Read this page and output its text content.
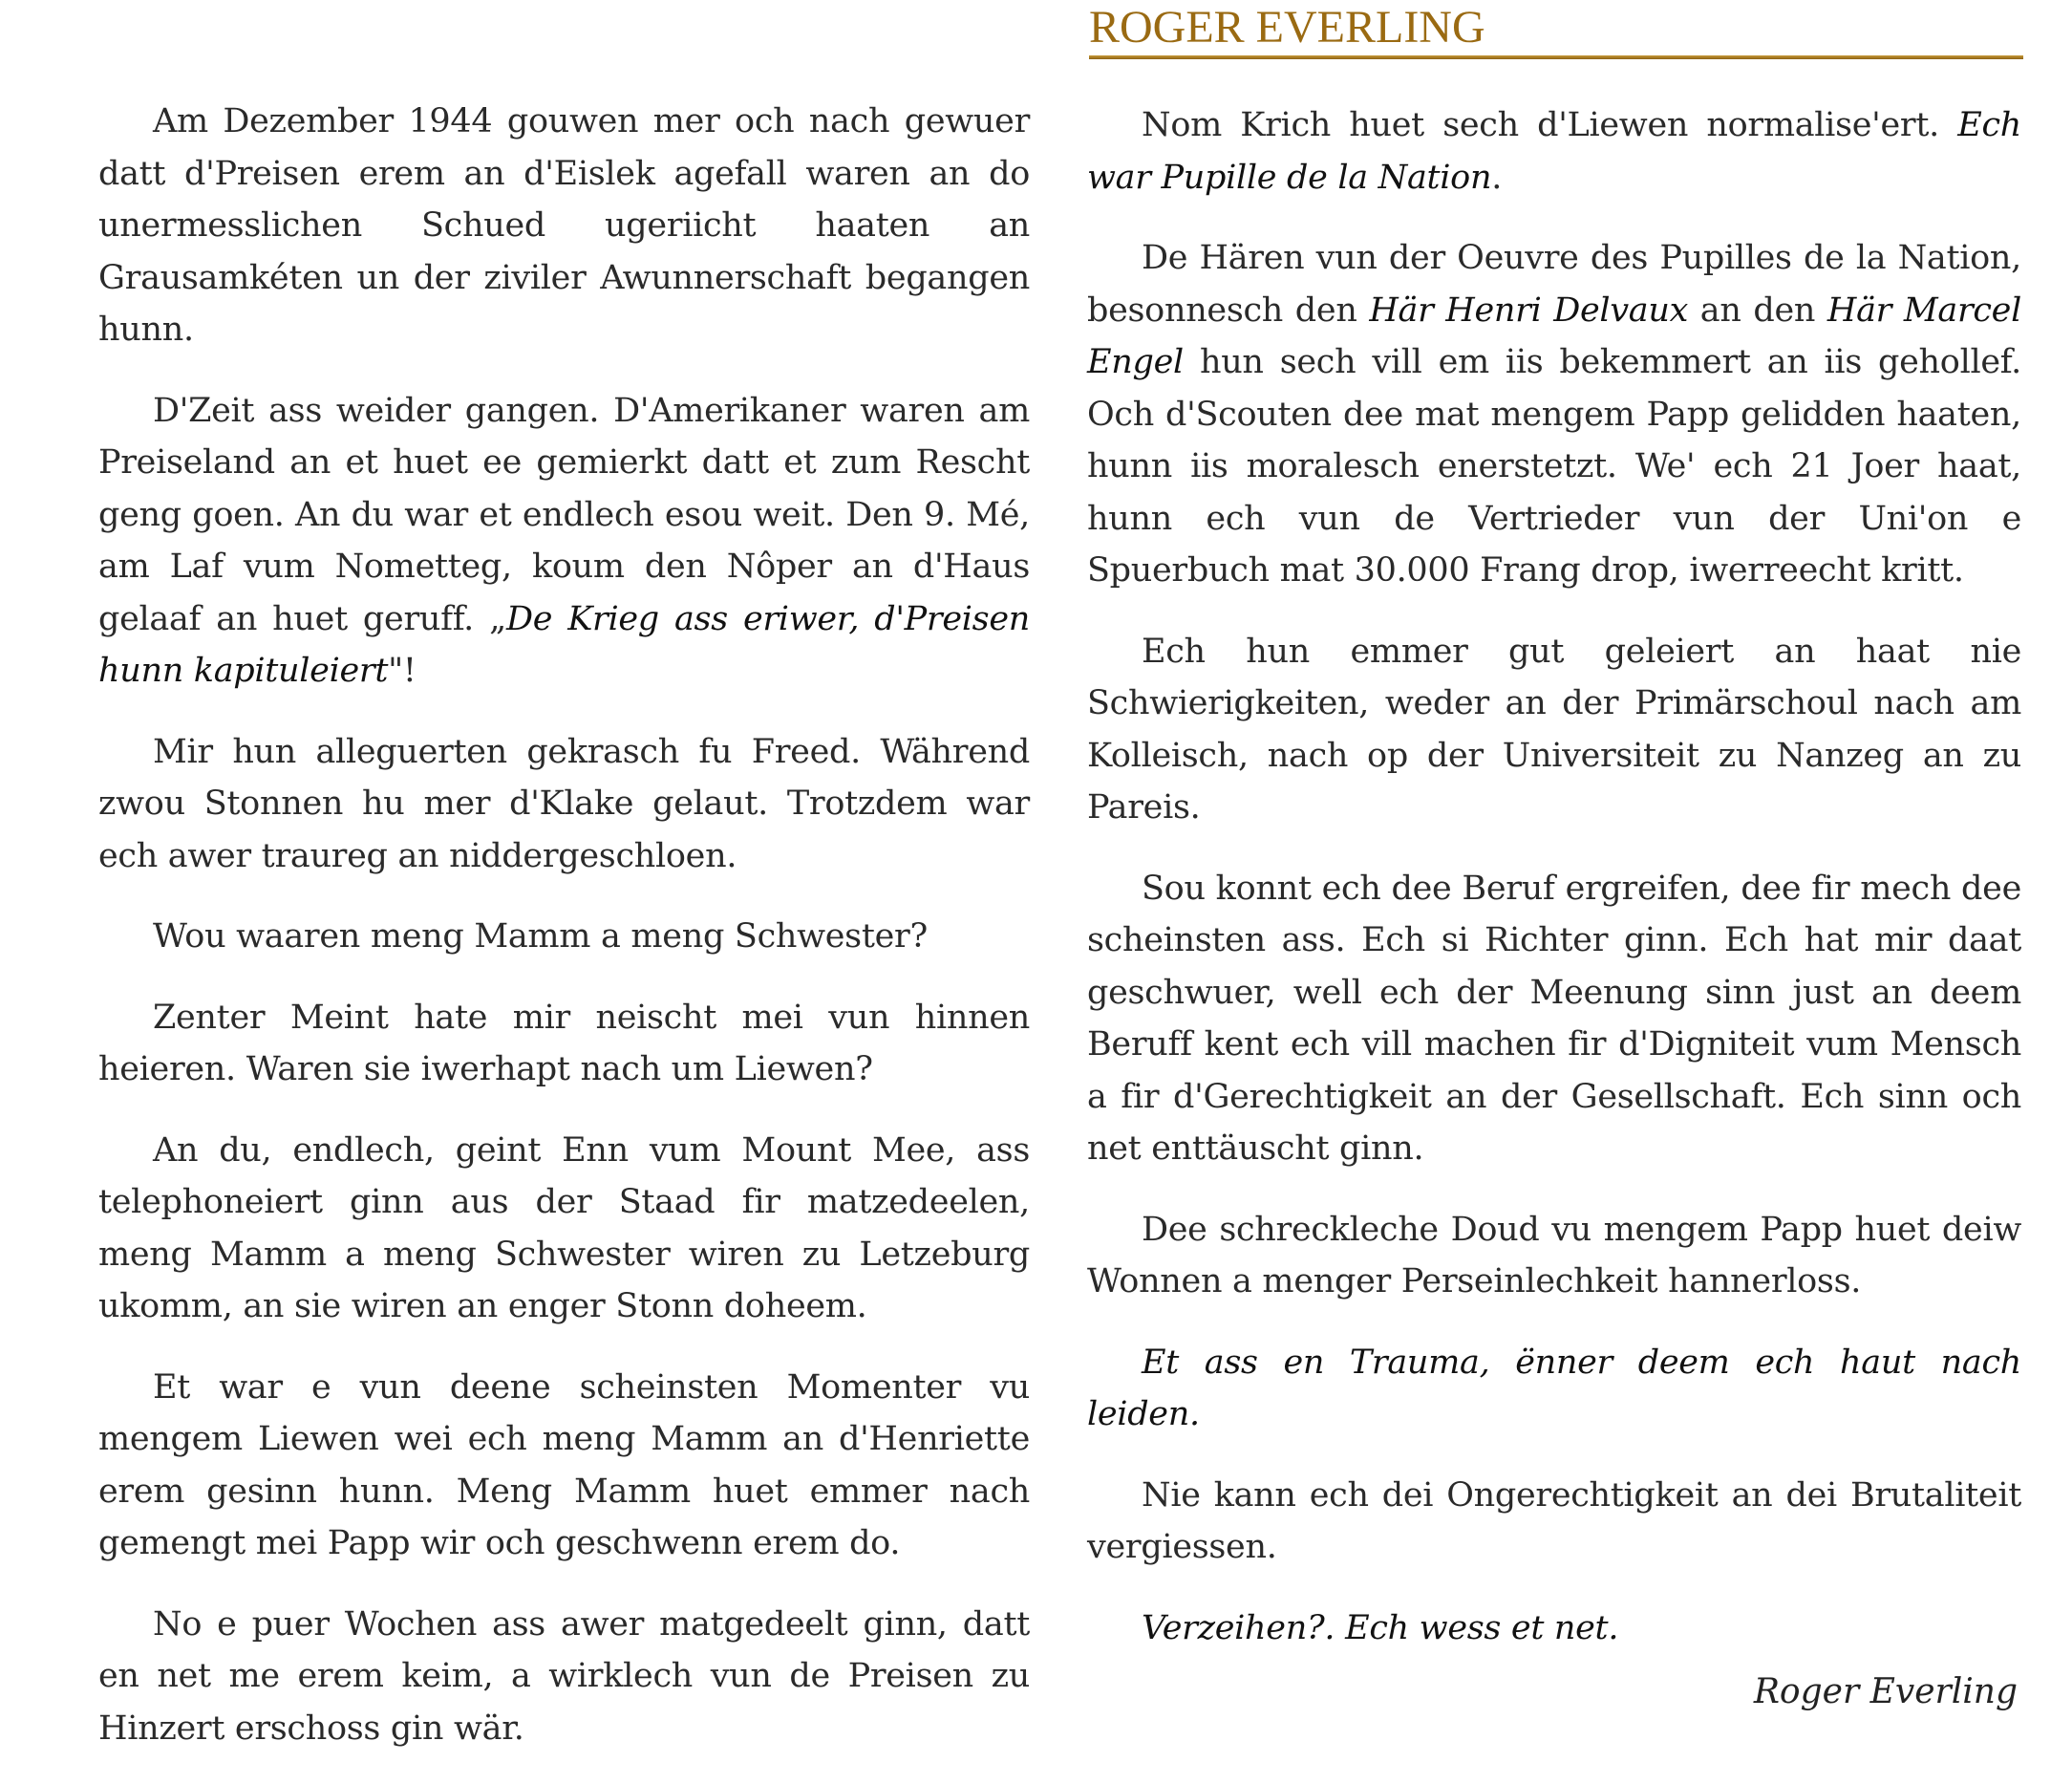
ROGER EVERLING

Am Dezember 1944 gouwen mer och nach gewuer datt d'Preisen erem an d'Eislek agefall waren an do unermesslichen Schued ugeriicht haaten an Grausamkéten un der ziviler Awunnerschaft begangen hunn.

D'Zeit ass weider gangen. D'Amerikaner waren am Preiseland an et huet ee gemierkt datt et zum Rescht geng goen. An du war et endlech esou weit. Den 9. Mé, am Laf vum Nometteg, koum den Nôper an d'Haus gelaaf an huet geruff. „De Krieg ass eriwer, d'Preisen hunn kapituleiert"!

Mir hun alleguerten gekrasch fu Freed. Während zwou Stonnen hu mer d'Klake gelaut. Trotzdem war ech awer traureg an niddergeschloen.

Wou waaren meng Mamm a meng Schwester?

Zenter Meint hate mir neischt mei vun hinnen heieren. Waren sie iwerhapt nach um Liewen?

An du, endlech, geint Enn vum Mount Mee, ass telephoneiert ginn aus der Staad fir matzedeelen, meng Mamm a meng Schwester wiren zu Letzeburg ukomm, an sie wiren an enger Stonn doheem.

Et war e vun deene scheinsten Momenter vu mengem Liewen wei ech meng Mamm an d'Henriette erem gesinn hunn. Meng Mamm huet emmer nach gemengt mei Papp wir och geschwenn erem do.

No e puer Wochen ass awer matgedeelt ginn, datt en net me erem keim, a wirklech vun de Preisen zu Hinzert erschoss gin wär.

Nom Krich huet sech d'Liewen normalise'ert. Ech war Pupille de la Nation.

De Hären vun der Oeuvre des Pupilles de la Nation, besonnesch den Här Henri Delvaux an den Här Marcel Engel hun sech vill em iis bekemmert an iis gehollef. Och d'Scouten dee mat mengem Papp gelidden haaten, hunn iis moralesch enerstetzt. We' ech 21 Joer haat, hunn ech vun de Vertrieder vun der Uni'on e Spuerbuch mat 30.000 Frang drop, iwerreecht kritt.

Ech hun emmer gut geleiert an haat nie Schwierigkeiten, weder an der Primärschoul nach am Kolleisch, nach op der Universiteit zu Nanzeg an zu Pareis.

Sou konnt ech dee Beruf ergreifen, dee fir mech dee scheinsten ass. Ech si Richter ginn. Ech hat mir daat geschwuer, well ech der Meenung sinn just an deem Beruff kent ech vill machen fir d'Digniteit vum Mensch a fir d'Gerechtigkeit an der Gesellschaft. Ech sinn och net enttäuscht ginn.

Dee schreckleche Doud vu mengem Papp huet deiw Wonnen a menger Perseinlechkeit hannerloss.

Et ass en Trauma, ënner deem ech haut nach leiden.

Nie kann ech dei Ongerechtigkeit an dei Brutaliteit vergiessen.

Verzeihen?. Ech wess et net.

Roger Everling
